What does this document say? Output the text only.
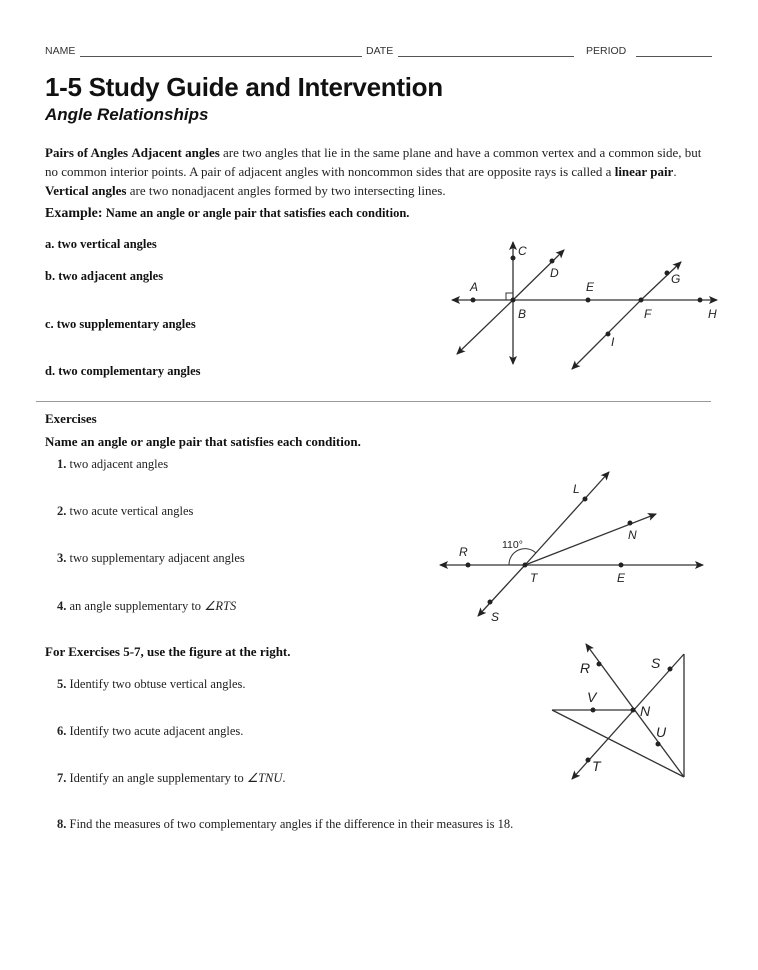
NAME	DATE	PERIOD
1-5 Study Guide and Intervention
Angle Relationships
Pairs of Angles Adjacent angles are two angles that lie in the same plane and have a common vertex and a common side, but no common interior points. A pair of adjacent angles with noncommon sides that are opposite rays is called a linear pair. Vertical angles are two nonadjacent angles formed by two intersecting lines.
Example: Name an angle or angle pair that satisfies each condition.
a. two vertical angles
b. two adjacent angles
c. two supplementary angles
d. two complementary angles
A
B
C
D
E
F
G
H
I
Exercises
Name an angle or angle pair that satisfies each condition.
1. two adjacent angles
2. two acute vertical angles
3. two supplementary adjacent angles
4. an angle supplementary to ∠RTS
R
T	E
L
N
S
110°
For Exercises 5-7, use the figure at the right.
5. Identify two obtuse vertical angles.
6. Identify two acute adjacent angles.
7. Identify an angle supplementary to ∠TNU.
R	S
V
N
U
T
8. Find the measures of two complementary angles if the difference in their measures is 18.
